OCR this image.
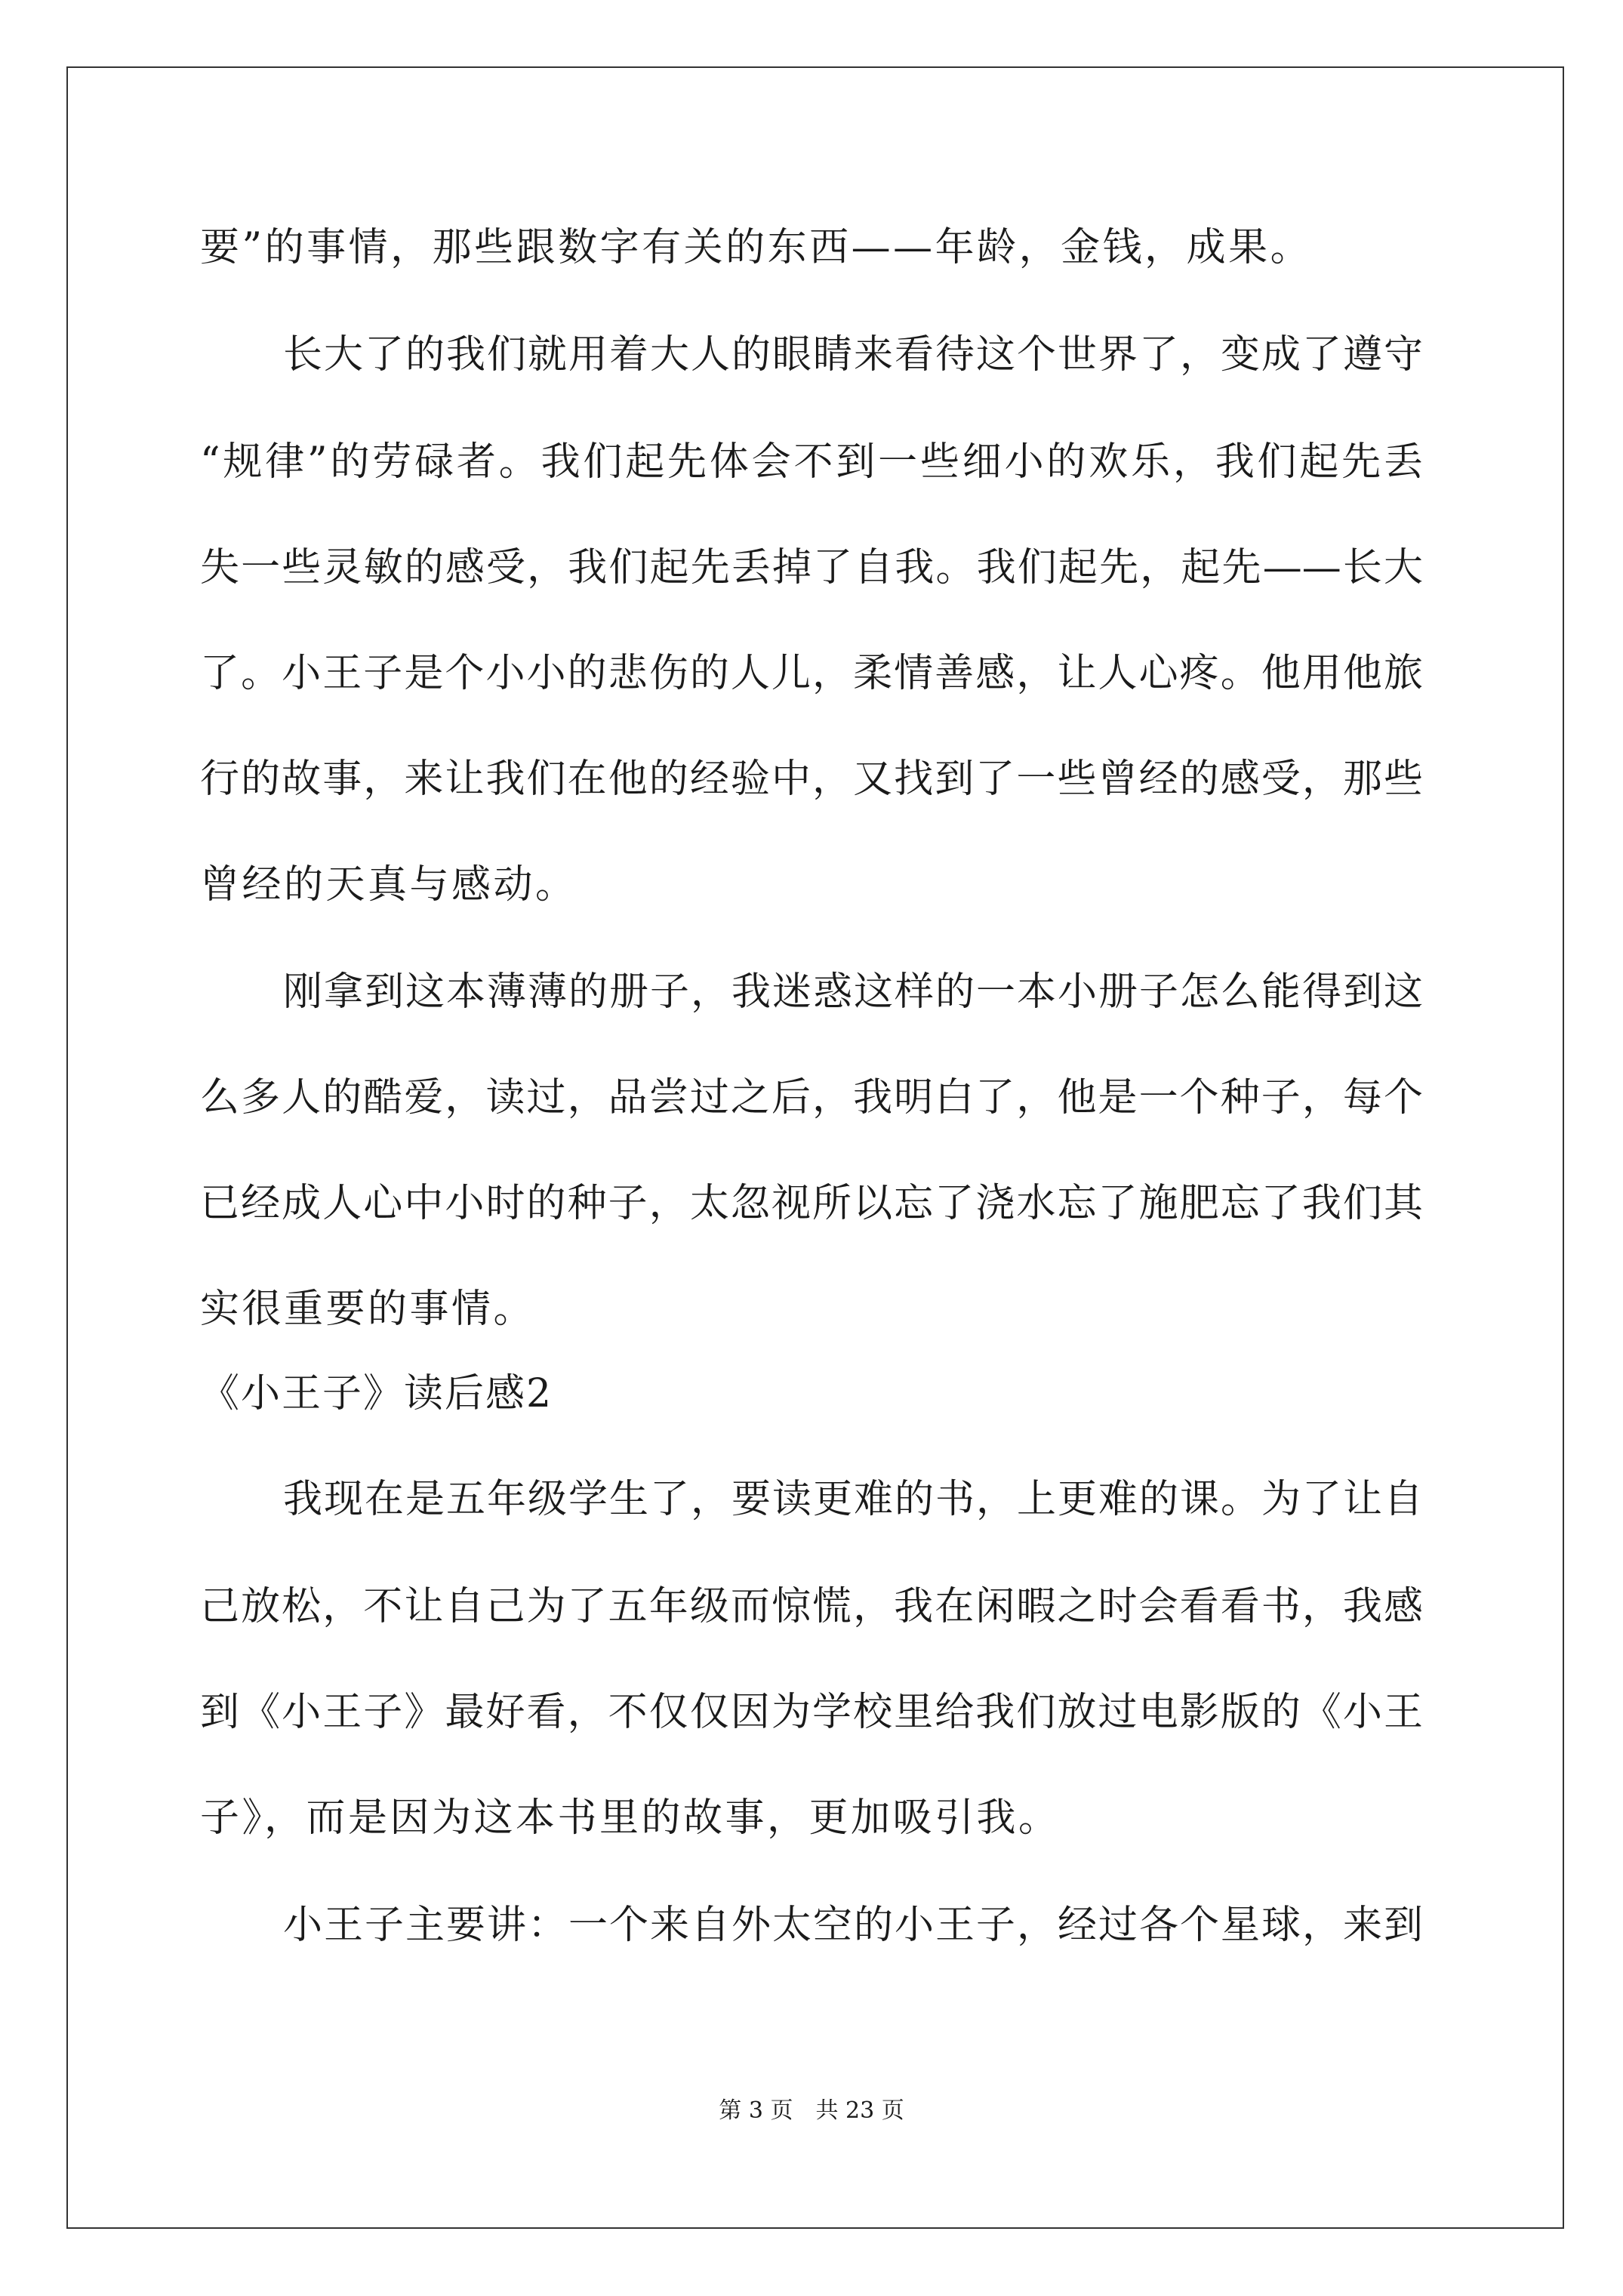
要”的事情，那些跟数字有关的东西——年龄，金钱，成果。
长大了的我们就用着大人的眼睛来看待这个世界了，变成了遵守
“规律”的劳碌者。我们起先体会不到一些细小的欢乐，我们起先丢
失一些灵敏的感受，我们起先丢掉了自我。我们起先，起先——长大
了。小王子是个小小的悲伤的人儿，柔情善感，让人心疼。他用他旅
行的故事，来让我们在他的经验中，又找到了一些曾经的感受，那些
曾经的天真与感动。
刚拿到这本薄薄的册子，我迷惑这样的一本小册子怎么能得到这
么多人的酷爱，读过，品尝过之后，我明白了，他是一个种子，每个
已经成人心中小时的种子，太忽视所以忘了浇水忘了施肥忘了我们其
实很重要的事情。
《小王子》读后感2
我现在是五年级学生了，要读更难的书，上更难的课。为了让自
己放松，不让自己为了五年级而惊慌，我在闲暇之时会看看书，我感
到《小王子》最好看，不仅仅因为学校里给我们放过电影版的《小王
子》，而是因为这本书里的故事，更加吸引我。
小王子主要讲：一个来自外太空的小王子，经过各个星球，来到
第 3 页　共 23 页
